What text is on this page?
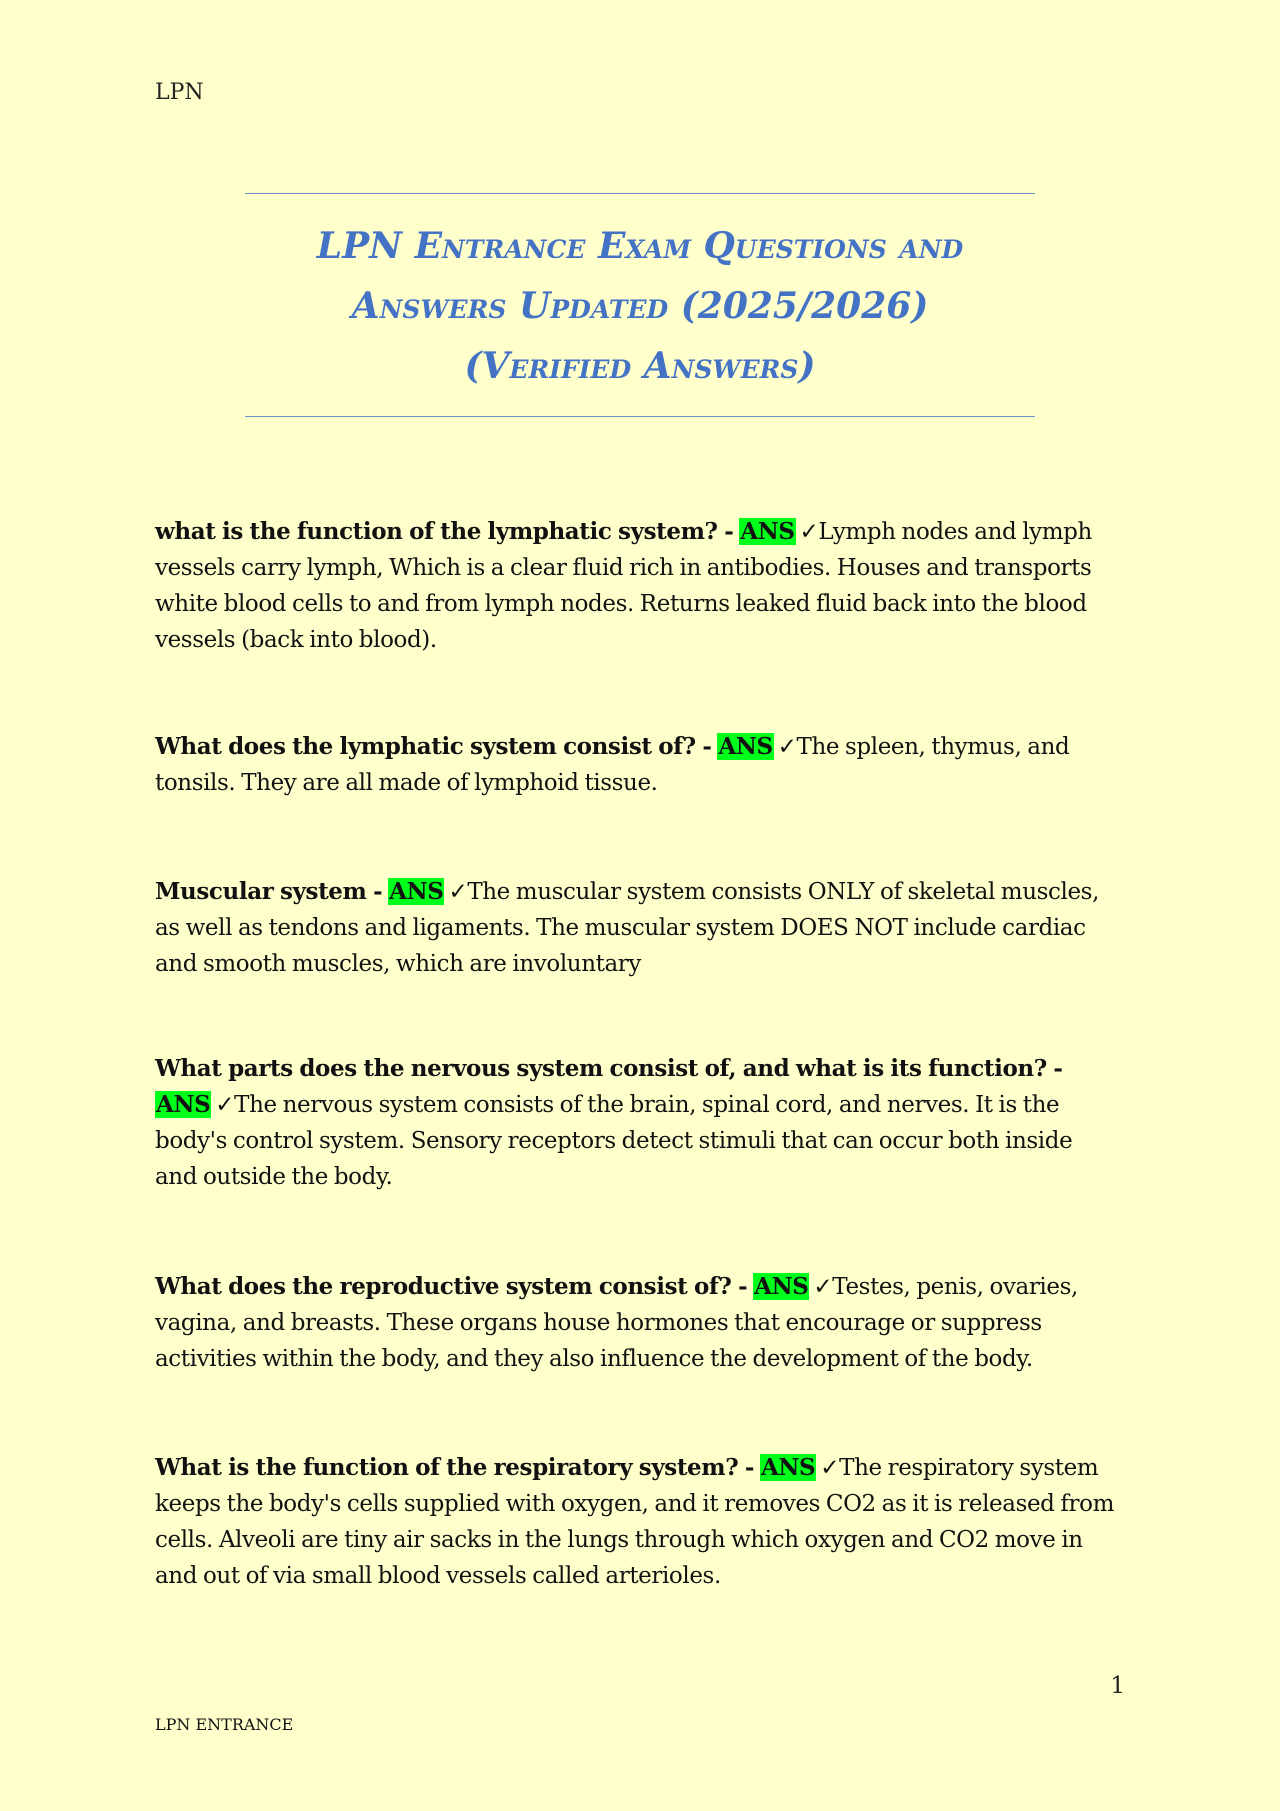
LPN
LPN Entrance Exam Questions and
Answers Updated (2025/2026)
(Verified Answers)
what is the function of the lymphatic system? - ANS ✓Lymph nodes and lymph vessels carry lymph, Which is a clear fluid rich in antibodies. Houses and transports white blood cells to and from lymph nodes. Returns leaked fluid back into the blood vessels (back into blood).
What does the lymphatic system consist of? - ANS ✓The spleen, thymus, and tonsils. They are all made of lymphoid tissue.
Muscular system - ANS ✓The muscular system consists ONLY of skeletal muscles, as well as tendons and ligaments. The muscular system DOES NOT include cardiac and smooth muscles, which are involuntary
What parts does the nervous system consist of, and what is its function? - ANS ✓The nervous system consists of the brain, spinal cord, and nerves. It is the body's control system. Sensory receptors detect stimuli that can occur both inside and outside the body.
What does the reproductive system consist of? - ANS ✓Testes, penis, ovaries, vagina, and breasts. These organs house hormones that encourage or suppress activities within the body, and they also influence the development of the body.
What is the function of the respiratory system? - ANS ✓The respiratory system keeps the body's cells supplied with oxygen, and it removes CO2 as it is released from cells. Alveoli are tiny air sacks in the lungs through which oxygen and CO2 move in and out of via small blood vessels called arterioles.
1
LPN ENTRANCE
